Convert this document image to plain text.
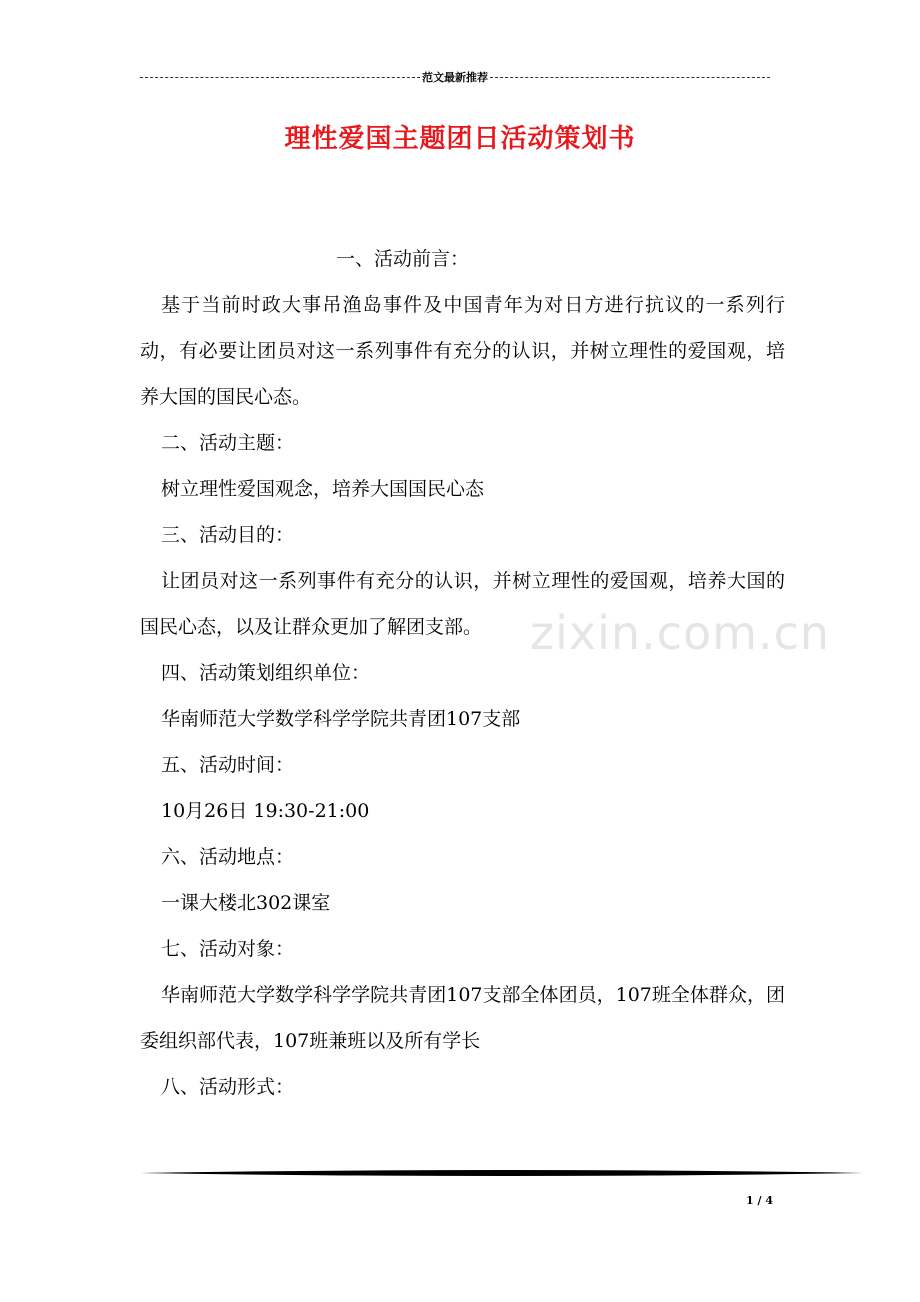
范文最新推荐
理性爱国主题团日活动策划书

一、活动前言：

基于当前时政大事吊渔岛事件及中国青年为对日方进行抗议的一系列行动，有必要让团员对这一系列事件有充分的认识，并树立理性的爱国观，培养大国的国民心态。

二、活动主题：

树立理性爱国观念，培养大国国民心态

三、活动目的：

让团员对这一系列事件有充分的认识，并树立理性的爱国观，培养大国的国民心态，以及让群众更加了解团支部。

四、活动策划组织单位：

华南师范大学数学科学学院共青团107支部

五、活动时间：

10月26日 19:30-21:00

六、活动地点：

一课大楼北302课室

七、活动对象：

华南师范大学数学科学学院共青团107支部全体团员，107班全体群众，团委组织部代表，107班兼班以及所有学长

八、活动形式：

zixin.com.cn
1 / 4
